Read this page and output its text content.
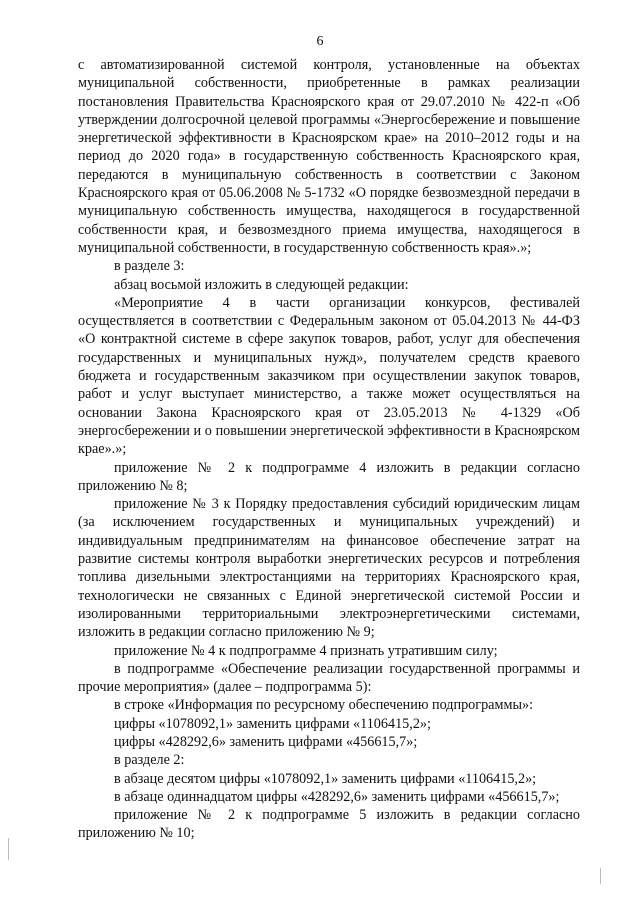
6

с автоматизированной системой контроля, установленные на объектах муниципальной собственности, приобретенные в рамках реализации постановления Правительства Красноярского края от 29.07.2010 № 422-п «Об утверждении долгосрочной целевой программы «Энергосбережение и повышение энергетической эффективности в Красноярском крае» на 2010–2012 годы и на период до 2020 года» в государственную собственность Красноярского края, передаются в муниципальную собственность в соответствии с Законом Красноярского края от 05.06.2008 № 5-1732 «О порядке безвозмездной передачи в муниципальную собственность имущества, находящегося в государственной собственности края, и безвозмездного приема имущества, находящегося в муниципальной собственности, в государственную собственность края».»;

в разделе 3:

абзац восьмой изложить в следующей редакции:

«Мероприятие 4 в части организации конкурсов, фестивалей осуществляется в соответствии с Федеральным законом от 05.04.2013 № 44-ФЗ «О контрактной системе в сфере закупок товаров, работ, услуг для обеспечения государственных и муниципальных нужд», получателем средств краевого бюджета и государственным заказчиком при осуществлении закупок товаров, работ и услуг выступает министерство, а также может осуществляться на основании Закона Красноярского края от 23.05.2013 № 4-1329 «Об энергосбережении и о повышении энергетической эффективности в Красноярском крае».»;

приложение № 2 к подпрограмме 4 изложить в редакции согласно приложению № 8;

приложение № 3 к Порядку предоставления субсидий юридическим лицам (за исключением государственных и муниципальных учреждений) и индивидуальным предпринимателям на финансовое обеспечение затрат на развитие системы контроля выработки энергетических ресурсов и потребления топлива дизельными электростанциями на территориях Красноярского края, технологически не связанных с Единой энергетической системой России и изолированными территориальными электроэнергетическими системами, изложить в редакции согласно приложению № 9;

приложение № 4 к подпрограмме 4 признать утратившим силу;

в подпрограмме «Обеспечение реализации государственной программы и прочие мероприятия» (далее – подпрограмма 5):

в строке «Информация по ресурсному обеспечению подпрограммы»:

цифры «1078092,1» заменить цифрами «1106415,2»;

цифры «428292,6» заменить цифрами «456615,7»;

в разделе 2:

в абзаце десятом цифры «1078092,1» заменить цифрами «1106415,2»;

в абзаце одиннадцатом цифры «428292,6» заменить цифрами «456615,7»;

приложение № 2 к подпрограмме 5 изложить в редакции согласно приложению № 10;
